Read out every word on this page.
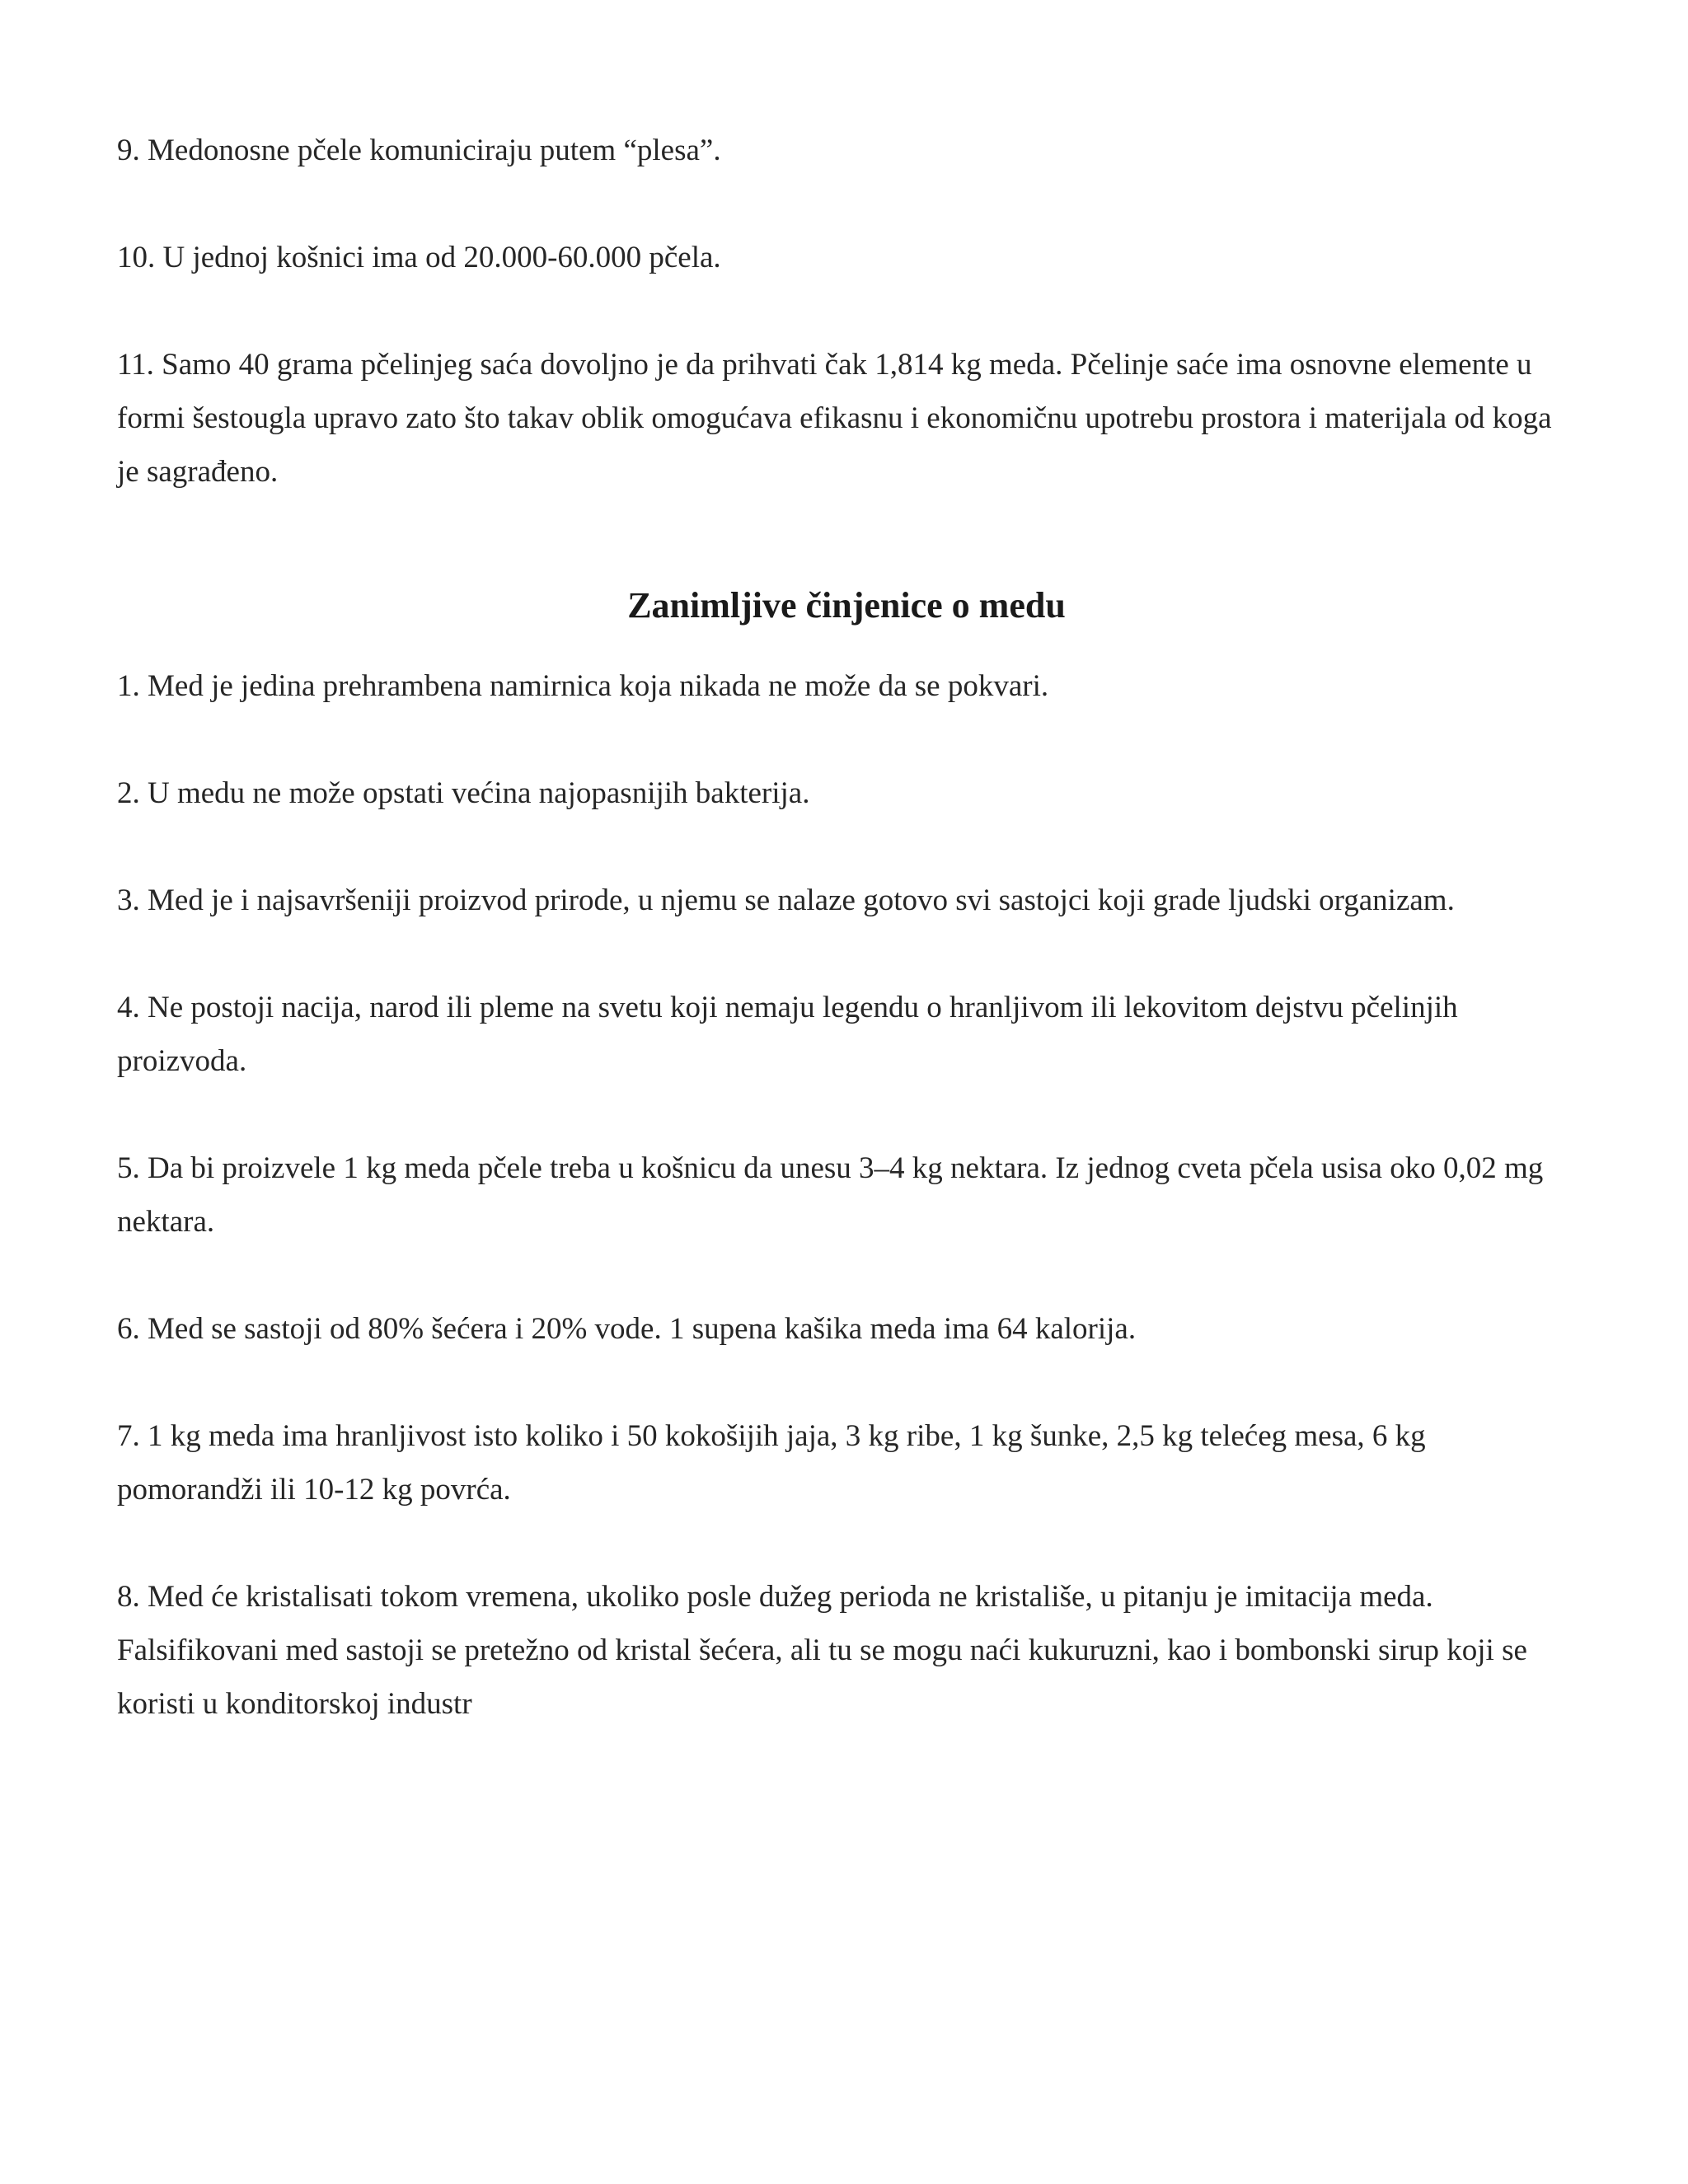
9. Medonosne pčele komuniciraju putem “plesa”.

10. U jednoj košnici ima od 20.000-60.000 pčela.

11. Samo 40 grama pčelinjeg saća dovoljno je da prihvati čak 1,814 kg meda. Pčelinje saće ima osnovne elemente u formi šestougla upravo zato što takav oblik omogućava efikasnu i ekonomičnu upotrebu prostora i materijala od koga je sagrađeno.

Zanimljive činjenice o medu

1. Med je jedina prehrambena namirnica koja nikada ne može da se pokvari.

2. U medu ne može opstati većina najopasnijih bakterija.

3. Med je i najsavršeniji proizvod prirode, u njemu se nalaze gotovo svi sastojci koji grade ljudski organizam.

4. Ne postoji nacija, narod ili pleme na svetu koji nemaju legendu o hranljivom ili lekovitom dejstvu pčelinjih proizvoda.

5. Da bi proizvele 1 kg meda pčele treba u košnicu da unesu 3–4 kg nektara. Iz jednog cveta pčela usisa oko 0,02 mg nektara.

6. Med se sastoji od 80% šećera i 20% vode. 1 supena kašika meda ima 64 kalorija.

7. 1 kg meda ima hranljivost isto koliko i 50 kokošijih jaja, 3 kg ribe, 1 kg šunke, 2,5 kg telećeg mesa, 6 kg pomorandži ili 10-12 kg povrća.

8. Med će kristalisati tokom vremena, ukoliko posle dužeg perioda ne kristališe, u pitanju je imitacija meda. Falsifikovani med sastoji se pretežno od kristal šećera, ali tu se mogu naći kukuruzni, kao i bombonski sirup koji se koristi u konditorskoj industr
